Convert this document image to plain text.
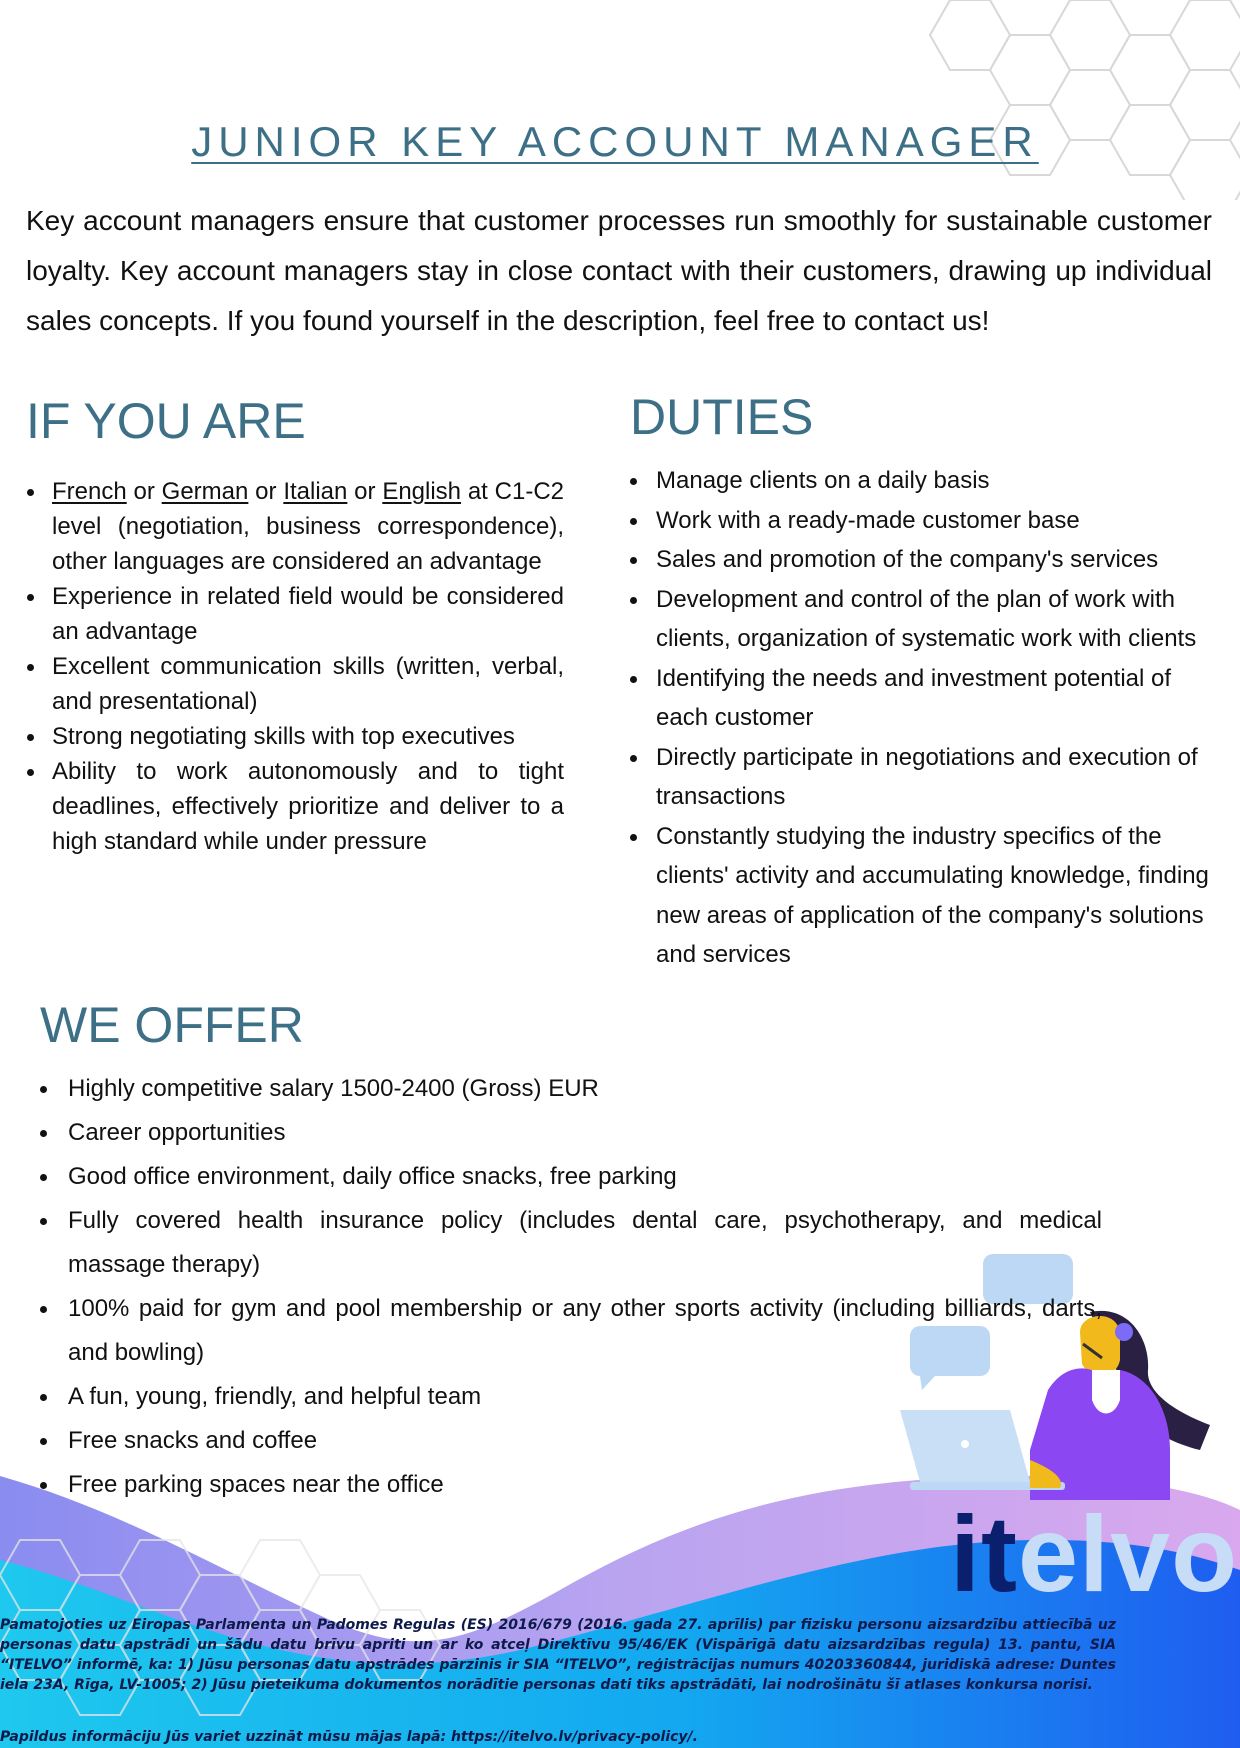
JUNIOR KEY ACCOUNT MANAGER

Key account managers ensure that customer processes run smoothly for sustainable customer loyalty. Key account managers stay in close contact with their customers, drawing up individual sales concepts. If you found yourself in the description, feel free to contact us!

IF YOU ARE
French or German or Italian or English at C1-C2 level (negotiation, business correspondence), other languages are considered an advantage
Experience in related field would be considered an advantage
Excellent communication skills (written, verbal, and presentational)
Strong negotiating skills with top executives
Ability to work autonomously and to tight deadlines, effectively prioritize and deliver to a high standard while under pressure
DUTIES
Manage clients on a daily basis
Work with a ready-made customer base
Sales and promotion of the company's services
Development and control of the plan of work with clients, organization of systematic work with clients
Identifying the needs and investment potential of each customer
Directly participate in negotiations and execution of transactions
Constantly studying the industry specifics of the clients' activity and accumulating knowledge, finding new areas of application of the company's solutions and services
WE OFFER
Highly competitive salary 1500-2400 (Gross) EUR
Career opportunities
Good office environment, daily office snacks, free parking
Fully covered health insurance policy (includes dental care, psychotherapy, and medical massage therapy)
100% paid for gym and pool membership or any other sports activity (including billiards, darts, and bowling)
A fun, young, friendly, and helpful team
Free snacks and coffee
Free parking spaces near the office
itelvo

Pamatojoties uz Eiropas Parlamenta un Padomes Regulas (ES) 2016/679 (2016. gada 27. aprīlis) par fizisku personu aizsardzību attiecībā uz personas datu apstrādi un šādu datu brīvu apriti un ar ko atceļ Direktīvu 95/46/EK (Vispārīgā datu aizsardzības regula) 13. pantu, SIA “ITELVO” informē, ka: 1) Jūsu personas datu apstrādes pārzinis ir SIA “ITELVO”, reģistrācijas numurs 40203360844, juridiskā adrese: Duntes iela 23A, Rīga, LV-1005; 2) Jūsu pieteikuma dokumentos norādītie personas dati tiks apstrādāti, lai nodrošinātu šī atlases konkursa norisi.

Papildus informāciju Jūs variet uzzināt mūsu mājas lapā: https://itelvo.lv/privacy-policy/.
